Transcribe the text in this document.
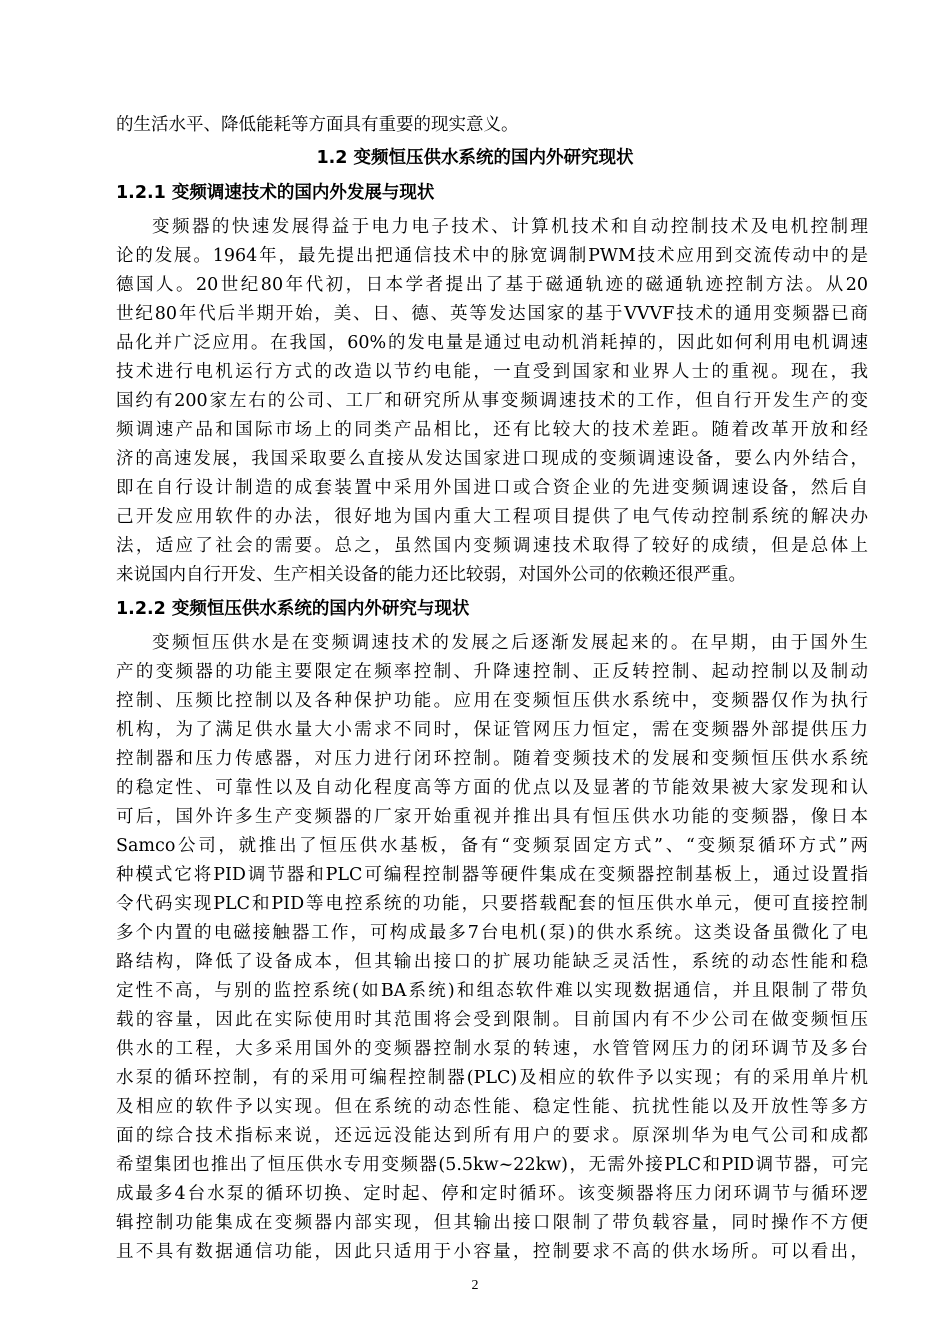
的生活水平、降低能耗等方面具有重要的现实意义。
1.2 变频恒压供水系统的国内外研究现状
1.2.1 变频调速技术的国内外发展与现状
变频器的快速发展得益于电力电子技术、计算机技术和自动控制技术及电机控制理
论的发展。1964年，最先提出把通信技术中的脉宽调制PWM技术应用到交流传动中的是
德国人。20世纪80年代初，日本学者提出了基于磁通轨迹的磁通轨迹控制方法。从20
世纪80年代后半期开始，美、日、德、英等发达国家的基于VVVF技术的通用变频器已商
品化并广泛应用。在我国，60%的发电量是通过电动机消耗掉的，因此如何利用电机调速
技术进行电机运行方式的改造以节约电能，一直受到国家和业界人士的重视。现在，我
国约有200家左右的公司、工厂和研究所从事变频调速技术的工作，但自行开发生产的变
频调速产品和国际市场上的同类产品相比，还有比较大的技术差距。随着改革开放和经
济的高速发展，我国采取要么直接从发达国家进口现成的变频调速设备，要么内外结合，
即在自行设计制造的成套装置中采用外国进口或合资企业的先进变频调速设备，然后自
己开发应用软件的办法，很好地为国内重大工程项目提供了电气传动控制系统的解决办
法，适应了社会的需要。总之，虽然国内变频调速技术取得了较好的成绩，但是总体上
来说国内自行开发、生产相关设备的能力还比较弱，对国外公司的依赖还很严重。
1.2.2 变频恒压供水系统的国内外研究与现状
变频恒压供水是在变频调速技术的发展之后逐渐发展起来的。在早期，由于国外生
产的变频器的功能主要限定在频率控制、升降速控制、正反转控制、起动控制以及制动
控制、压频比控制以及各种保护功能。应用在变频恒压供水系统中，变频器仅作为执行
机构，为了满足供水量大小需求不同时，保证管网压力恒定，需在变频器外部提供压力
控制器和压力传感器，对压力进行闭环控制。随着变频技术的发展和变频恒压供水系统
的稳定性、可靠性以及自动化程度高等方面的优点以及显著的节能效果被大家发现和认
可后，国外许多生产变频器的厂家开始重视并推出具有恒压供水功能的变频器，像日本
Samco公司，就推出了恒压供水基板，备有“变频泵固定方式”、“变频泵循环方式”两
种模式它将PID调节器和PLC可编程控制器等硬件集成在变频器控制基板上，通过设置指
令代码实现PLC和PID等电控系统的功能，只要搭载配套的恒压供水单元，便可直接控制
多个内置的电磁接触器工作，可构成最多7台电机(泵)的供水系统。这类设备虽微化了电
路结构，降低了设备成本，但其输出接口的扩展功能缺乏灵活性，系统的动态性能和稳
定性不高，与别的监控系统(如BA系统)和组态软件难以实现数据通信，并且限制了带负
载的容量，因此在实际使用时其范围将会受到限制。目前国内有不少公司在做变频恒压
供水的工程，大多采用国外的变频器控制水泵的转速，水管管网压力的闭环调节及多台
水泵的循环控制，有的采用可编程控制器(PLC)及相应的软件予以实现；有的采用单片机
及相应的软件予以实现。但在系统的动态性能、稳定性能、抗扰性能以及开放性等多方
面的综合技术指标来说，还远远没能达到所有用户的要求。原深圳华为电气公司和成都
希望集团也推出了恒压供水专用变频器(5.5kw~22kw)，无需外接PLC和PID调节器，可完
成最多4台水泵的循环切换、定时起、停和定时循环。该变频器将压力闭环调节与循环逻
辑控制功能集成在变频器内部实现，但其输出接口限制了带负载容量，同时操作不方便
且不具有数据通信功能，因此只适用于小容量，控制要求不高的供水场所。可以看出，
2
